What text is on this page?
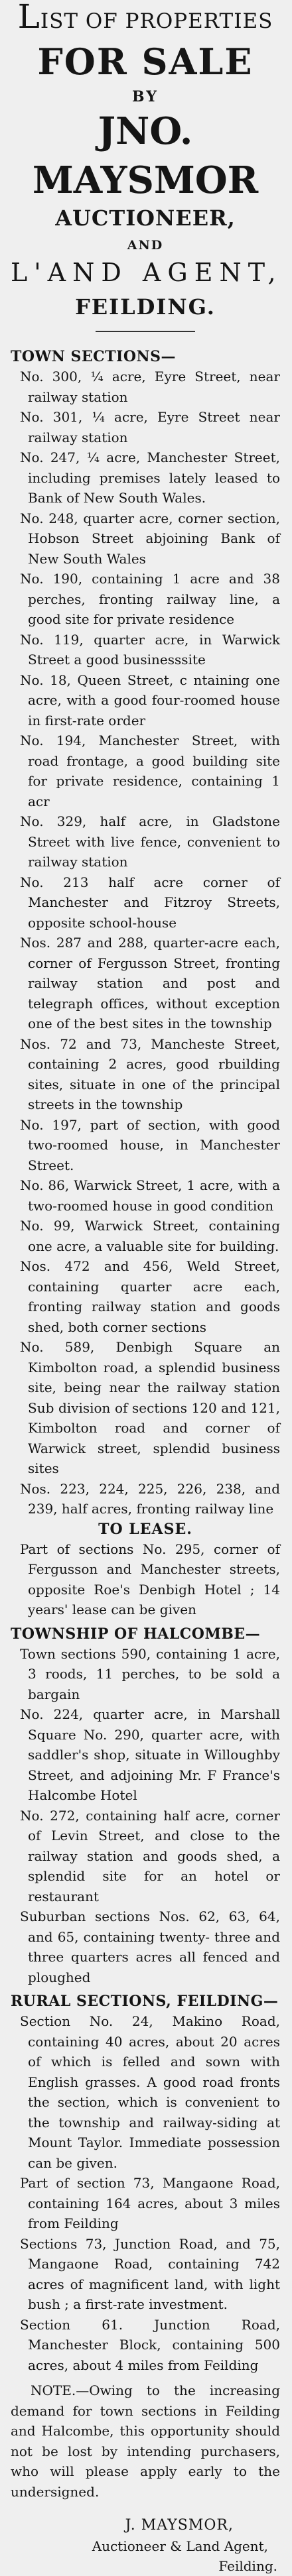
LIST OF PROPERTIES
FOR SALE
BY
JNO. MAYSMOR
AUCTIONEER,
AND
L'AND AGENT,
FEILDING.
TOWN SECTIONS—

No. 300, ¼ acre, Eyre Street, near railway station

No. 301, ¼ acre, Eyre Street near railway station

No. 247, ¼ acre, Manchester Street, including premises lately leased to Bank of New South Wales.

No. 248, quarter acre, corner section, Hobson Street abjoining Bank of New South Wales

No. 190, containing 1 acre and 38 perches, fronting railway line, a good site for private residence

No. 119, quarter acre, in Warwick Street a good businesssite

No. 18, Queen Street, c ntaining one acre, with a good four-roomed house in first-rate order

No. 194, Manchester Street, with road frontage, a good building site for private residence, containing 1 acr

No. 329, half acre, in Gladstone Street with live fence, convenient to railway station

No. 213 half acre corner of Manchester and Fitzroy Streets, opposite school-house

Nos. 287 and 288, quarter-acre each, corner of Fergusson Street, fronting railway station and post and telegraph offices, without exception one of the best sites in the township

Nos. 72 and 73, Mancheste Street, containing 2 acres, good rbuilding sites, situate in one of the principal streets in the township

No. 197, part of section, with good two-roomed house, in Manchester Street.

No. 86, Warwick Street, 1 acre, with a two-roomed house in good condition

No. 99, Warwick Street, containing one acre, a valuable site for building.

Nos. 472 and 456, Weld Street, containing quarter acre each, fronting railway station and goods shed, both corner sections

No. 589, Denbigh Square an Kimbolton road, a splendid business site, being near the railway station Sub division of sections 120 and 121, Kimbolton road and corner of Warwick street, splendid business sites

Nos. 223, 224, 225, 226, 238, and 239, half acres, fronting railway line

TO LEASE.

Part of sections No. 295, corner of Fergusson and Manchester streets, opposite Roe's Denbigh Hotel ; 14 years' lease can be given

TOWNSHIP OF HALCOMBE—

Town sections 590, containing 1 acre, 3 roods, 11 perches, to be sold a bargain

No. 224, quarter acre, in Marshall Square No. 290, quarter acre, with saddler's shop, situate in Willoughby Street, and adjoining Mr. F France's Halcombe Hotel

No. 272, containing half acre, corner of Levin Street, and close to the railway station and goods shed, a splendid site for an hotel or restaurant

Suburban sections Nos. 62, 63, 64, and 65, containing twenty- three and three quarters acres all fenced and ploughed

RURAL SECTIONS, FEILDING—

Section No. 24, Makino Road, containing 40 acres, about 20 acres of which is felled and sown with English grasses. A good road fronts the section, which is convenient to the township and railway-siding at Mount Taylor. Immediate possession can be given.

Part of section 73, Mangaone Road, containing 164 acres, about 3 miles from Feilding

Sections 73, Junction Road, and 75, Mangaone Road, containing 742 acres of magnificent land, with light bush ; a first-rate investment.

Section 61. Junction Road, Manchester Block, containing 500 acres, about 4 miles from Feilding

NOTE.—Owing to the increasing demand for town sections in Feilding and Halcombe, this opportunity should not be lost by intending purchasers, who will please apply early to the undersigned.

J. MAYSMOR,
Auctioneer & Land Agent,
Feilding.
